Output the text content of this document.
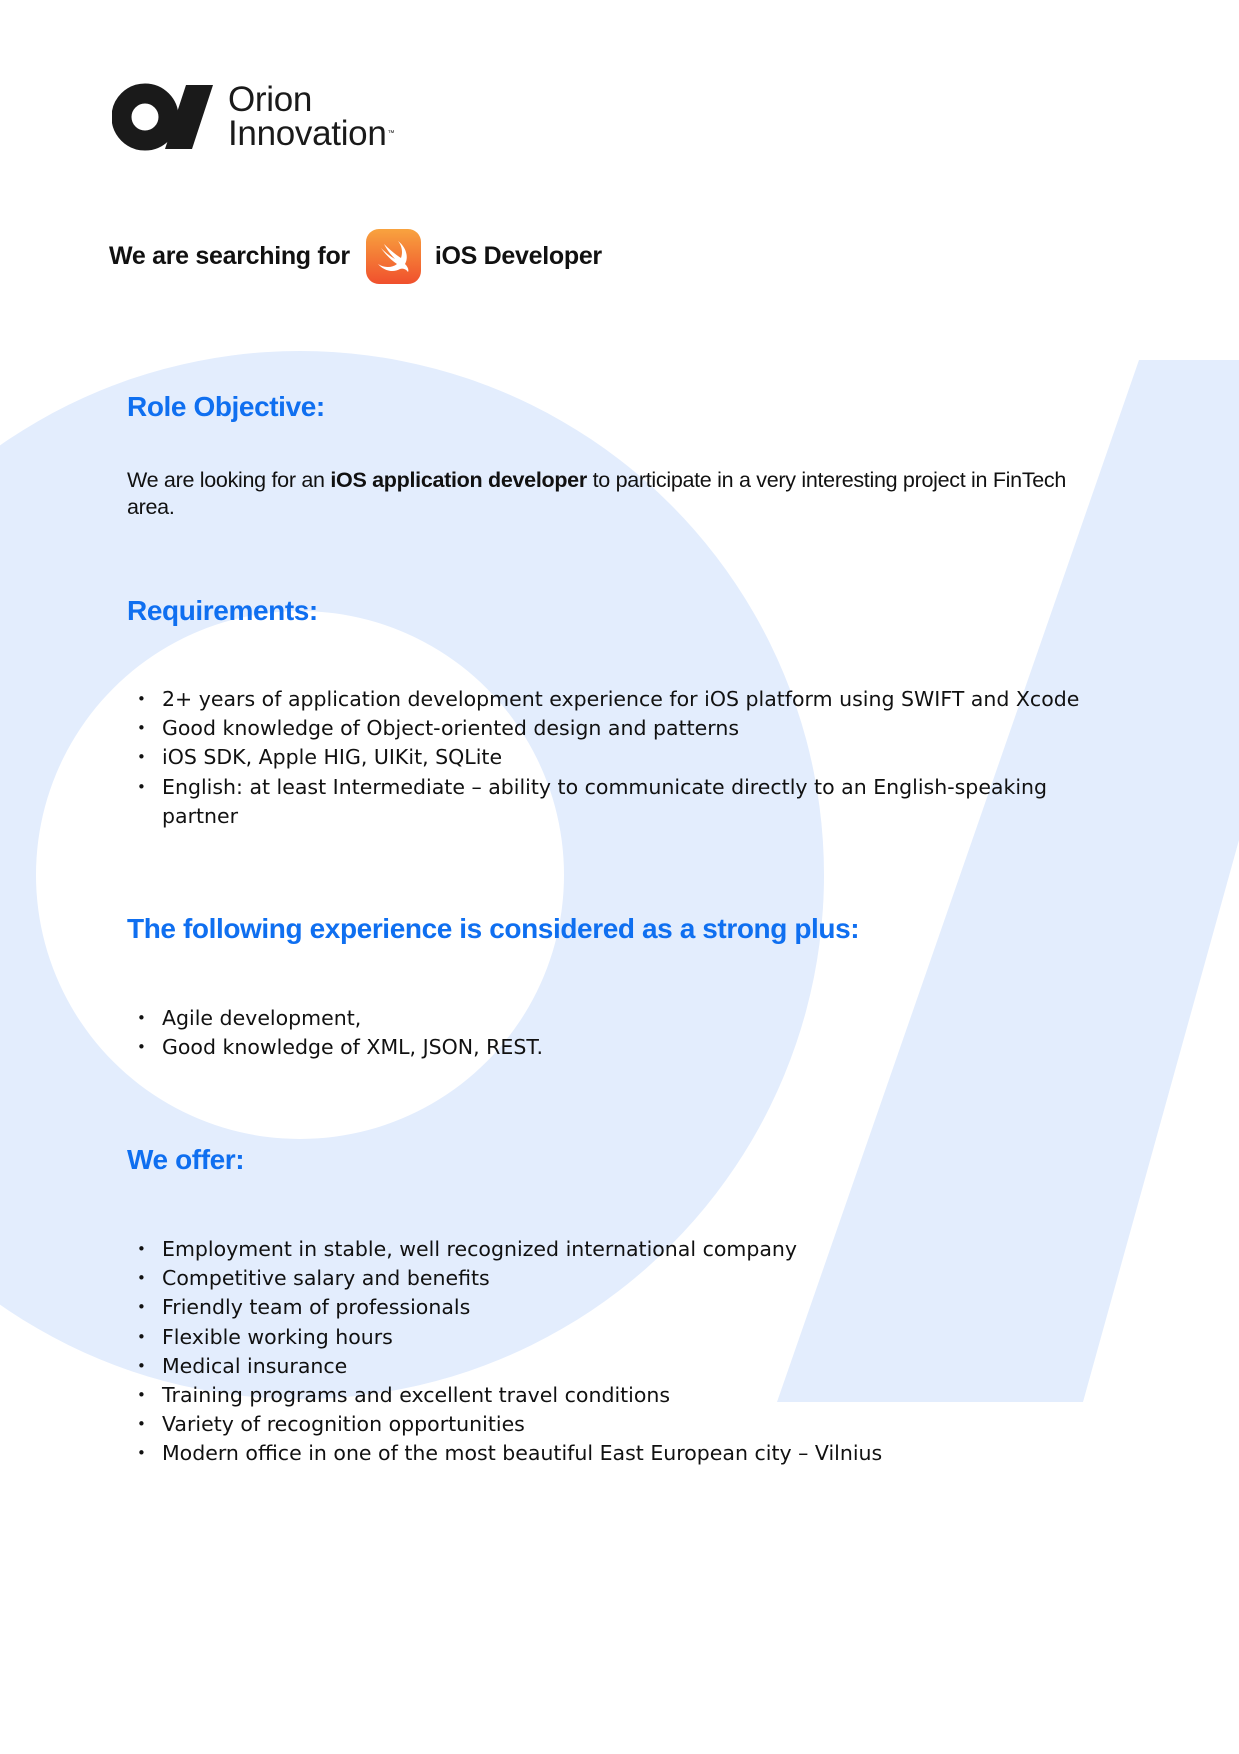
Orion
Innovation™
We are searching for	iOS Developer
Role Objective:
We are looking for an iOS application developer to participate in a very interesting project in FinTech area.
Requirements:
• 2+ years of application development experience for iOS platform using SWIFT and Xcode
• Good knowledge of Object-oriented design and patterns
• iOS SDK, Apple HIG, UIKit, SQLite
• English: at least Intermediate – ability to communicate directly to an English-speaking partner
The following experience is considered as a strong plus:
• Agile development,
• Good knowledge of XML, JSON, REST.
We offer:
• Employment in stable, well recognized international company
• Competitive salary and benefits
• Friendly team of professionals
• Flexible working hours
• Medical insurance
• Training programs and excellent travel conditions
• Variety of recognition opportunities
• Modern office in one of the most beautiful East European city – Vilnius
